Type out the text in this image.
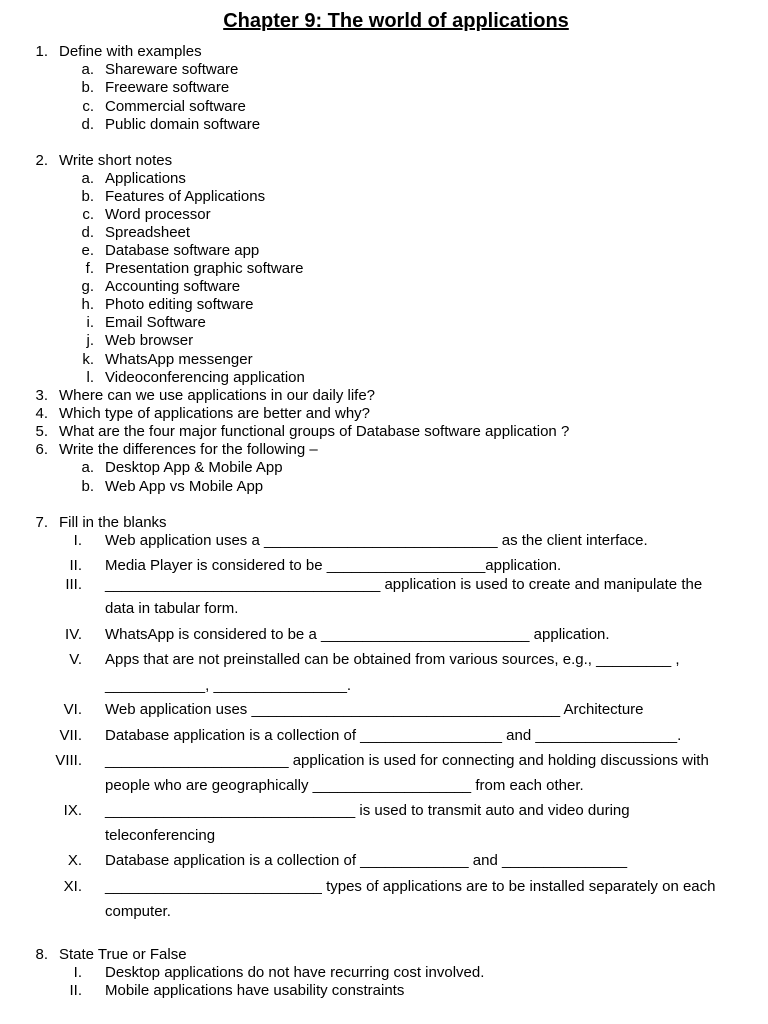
Chapter 9: The world of applications
1. Define with examples
a. Shareware software
b. Freeware software
c. Commercial software
d. Public domain software
2. Write short notes
a. Applications
b. Features of Applications
c. Word processor
d. Spreadsheet
e. Database software app
f. Presentation graphic software
g. Accounting software
h. Photo editing software
i. Email Software
j. Web browser
k. WhatsApp messenger
l. Videoconferencing application
3. Where can we use applications in our daily life?
4. Which type of applications are better and why?
5. What are the four major functional groups of Database software application ?
6. Write the differences for the following –
a. Desktop App & Mobile App
b. Web App vs Mobile App
7. Fill in the blanks
I. Web application uses a ____________________________ as the client interface.
II. Media Player is considered to be ___________________application.
III. _________________________________ application is used to create and manipulate the
data in tabular form.
IV. WhatsApp is considered to be a _________________________ application.
V. Apps that are not preinstalled can be obtained from various sources, e.g., _________ ,
____________, ________________.
VI. Web application uses _____________________________________ Architecture
VII. Database application is a collection of _________________ and _________________.
VIII. ______________________ application is used for connecting and holding discussions with
people who are geographically ___________________ from each other.
IX. ______________________________ is used to transmit auto and video during
teleconferencing
X. Database application is a collection of _____________ and _______________
XI. __________________________ types of applications are to be installed separately on each
computer.
8. State True or False
I. Desktop applications do not have recurring cost involved.
II. Mobile applications have usability constraints
